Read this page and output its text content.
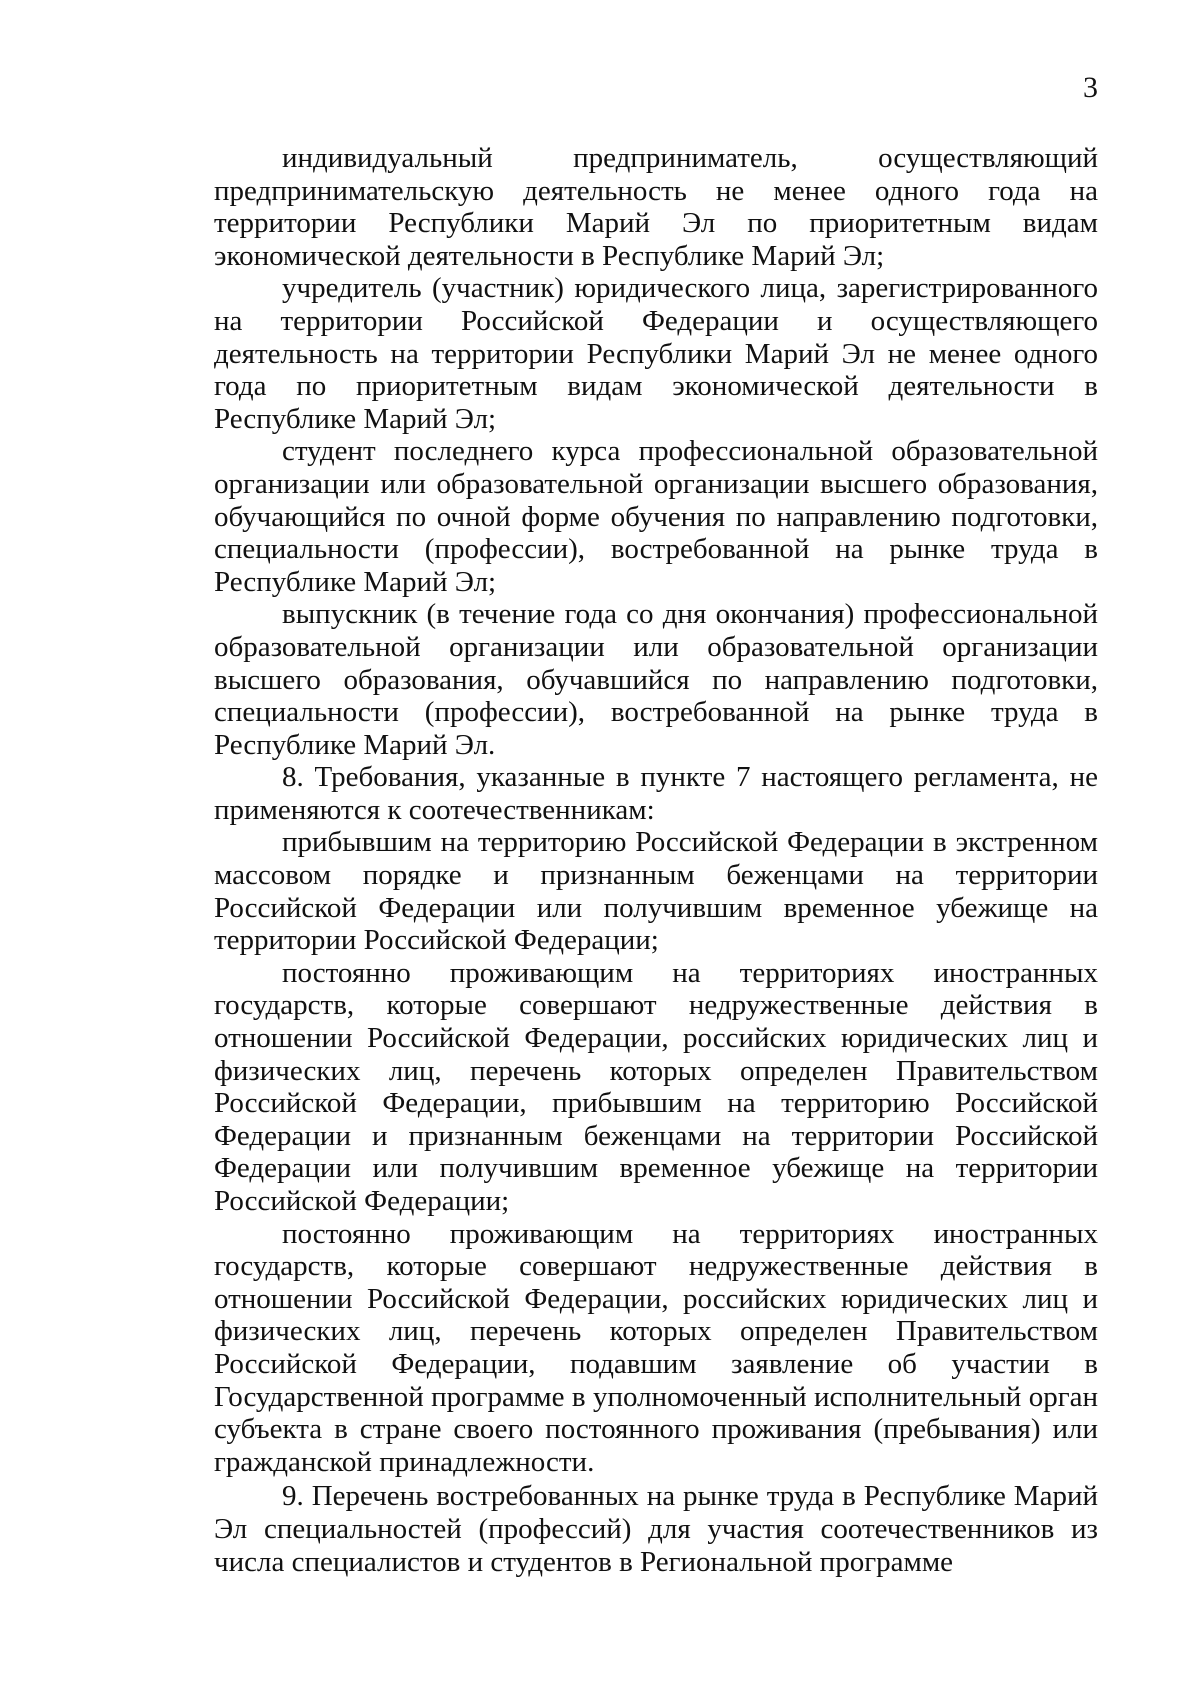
3

индивидуальный предприниматель, осуществляющий предпринимательскую деятельность не менее одного года на территории Республики Марий Эл по приоритетным видам экономической деятельности в Республике Марий Эл;

учредитель (участник) юридического лица, зарегистрированного на территории Российской Федерации и осуществляющего деятельность на территории Республики Марий Эл не менее одного года по приоритетным видам экономической деятельности в Республике Марий Эл;

студент последнего курса профессиональной образовательной организации или образовательной организации высшего образования, обучающийся по очной форме обучения по направлению подготовки, специальности (профессии), востребованной на рынке труда в Республике Марий Эл;

выпускник (в течение года со дня окончания) профессиональной образовательной организации или образовательной организации высшего образования, обучавшийся по направлению подготовки, специальности (профессии), востребованной на рынке труда в Республике Марий Эл.

8. Требования, указанные в пункте 7 настоящего регламента, не применяются к соотечественникам:

прибывшим на территорию Российской Федерации в экстренном массовом порядке и признанным беженцами на территории Российской Федерации или получившим временное убежище на территории Российской Федерации;

постоянно проживающим на территориях иностранных государств, которые совершают недружественные действия в отношении Российской Федерации, российских юридических лиц и физических лиц, перечень которых определен Правительством Российской Федерации, прибывшим на территорию Российской Федерации и признанным беженцами на территории Российской Федерации или получившим временное убежище на территории Российской Федерации;

постоянно проживающим на территориях иностранных государств, которые совершают недружественные действия в отношении Российской Федерации, российских юридических лиц и физических лиц, перечень которых определен Правительством Российской Федерации, подавшим заявление об участии в Государственной программе в уполномоченный исполнительный орган субъекта в стране своего постоянного проживания (пребывания) или гражданской принадлежности.

9. Перечень востребованных на рынке труда в Республике Марий Эл специальностей (профессий) для участия соотечественников из числа специалистов и студентов в Региональной программе
